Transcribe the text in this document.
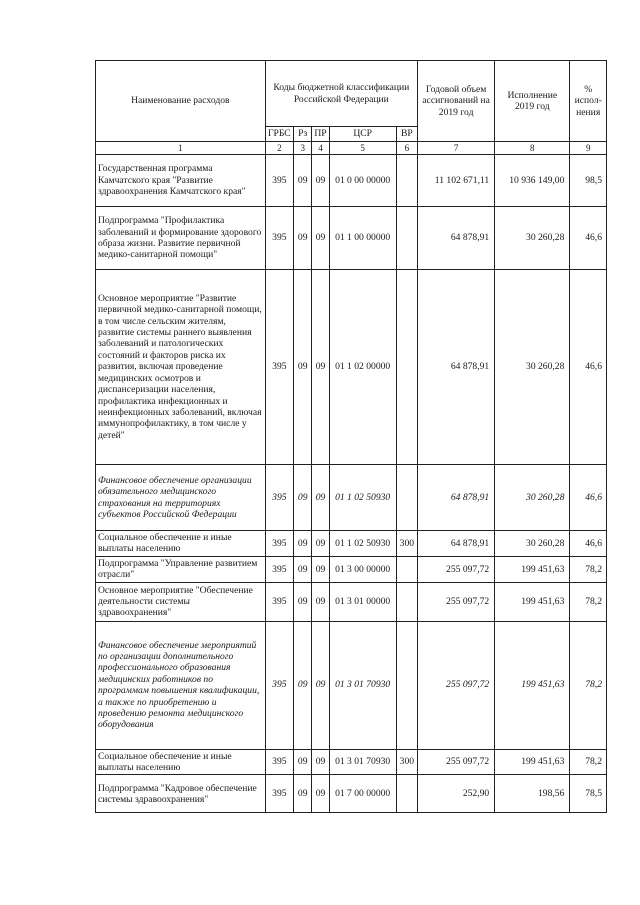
Наименование расходов	Коды бюджетной классификации Российской Федерации					Годовой объем ассигнований на 2019 год	Исполнение 2019 год	% испол-нения
	ГРБС	Рз	ПР	ЦСР	ВР			
1	2	3	4	5	6	7	8	9
Государственная программа Камчатского края "Развитие здравоохранения Камчатского края"	395	09	09	01 0 00 00000		11 102 671,11	10 936 149,00	98,5
Подпрограмма "Профилактика заболеваний и формирование здорового образа жизни. Развитие первичной медико-санитарной помощи"	395	09	09	01 1 00 00000		64 878,91	30 260,28	46,6
Основное мероприятие "Развитие первичной медико-санитарной помощи, в том числе сельским жителям, развитие системы раннего выявления заболеваний и патологических состояний и факторов риска их развития, включая проведение медицинских осмотров и диспансеризации населения, профилактика инфекционных и неинфекционных заболеваний, включая иммунопрофилактику, в том числе у детей"	395	09	09	01 1 02 00000		64 878,91	30 260,28	46,6
Финансовое обеспечение организации обязательного медицинского страхования на территориях субъектов Российской Федерации	395	09	09	01 1 02 50930		64 878,91	30 260,28	46,6
Социальное обеспечение и иные выплаты населению	395	09	09	01 1 02 50930	300	64 878,91	30 260,28	46,6
Подпрограмма "Управление развитием отрасли"	395	09	09	01 3 00 00000		255 097,72	199 451,63	78,2
Основное мероприятие "Обеспечение деятельности системы здравоохранения"	395	09	09	01 3 01 00000		255 097,72	199 451,63	78,2
Финансовое обеспечение мероприятий по организации дополнительного профессионального образования медицинских работников по программам повышения квалификации, а также по приобретению и проведению ремонта медицинского оборудования	395	09	09	01 3 01 70930		255 097,72	199 451,63	78,2
Социальное обеспечение и иные выплаты населению	395	09	09	01 3 01 70930	300	255 097,72	199 451,63	78,2
Подпрограмма "Кадровое обеспечение системы здравоохранения"	395	09	09	01 7 00 00000		252,90	198,56	78,5
